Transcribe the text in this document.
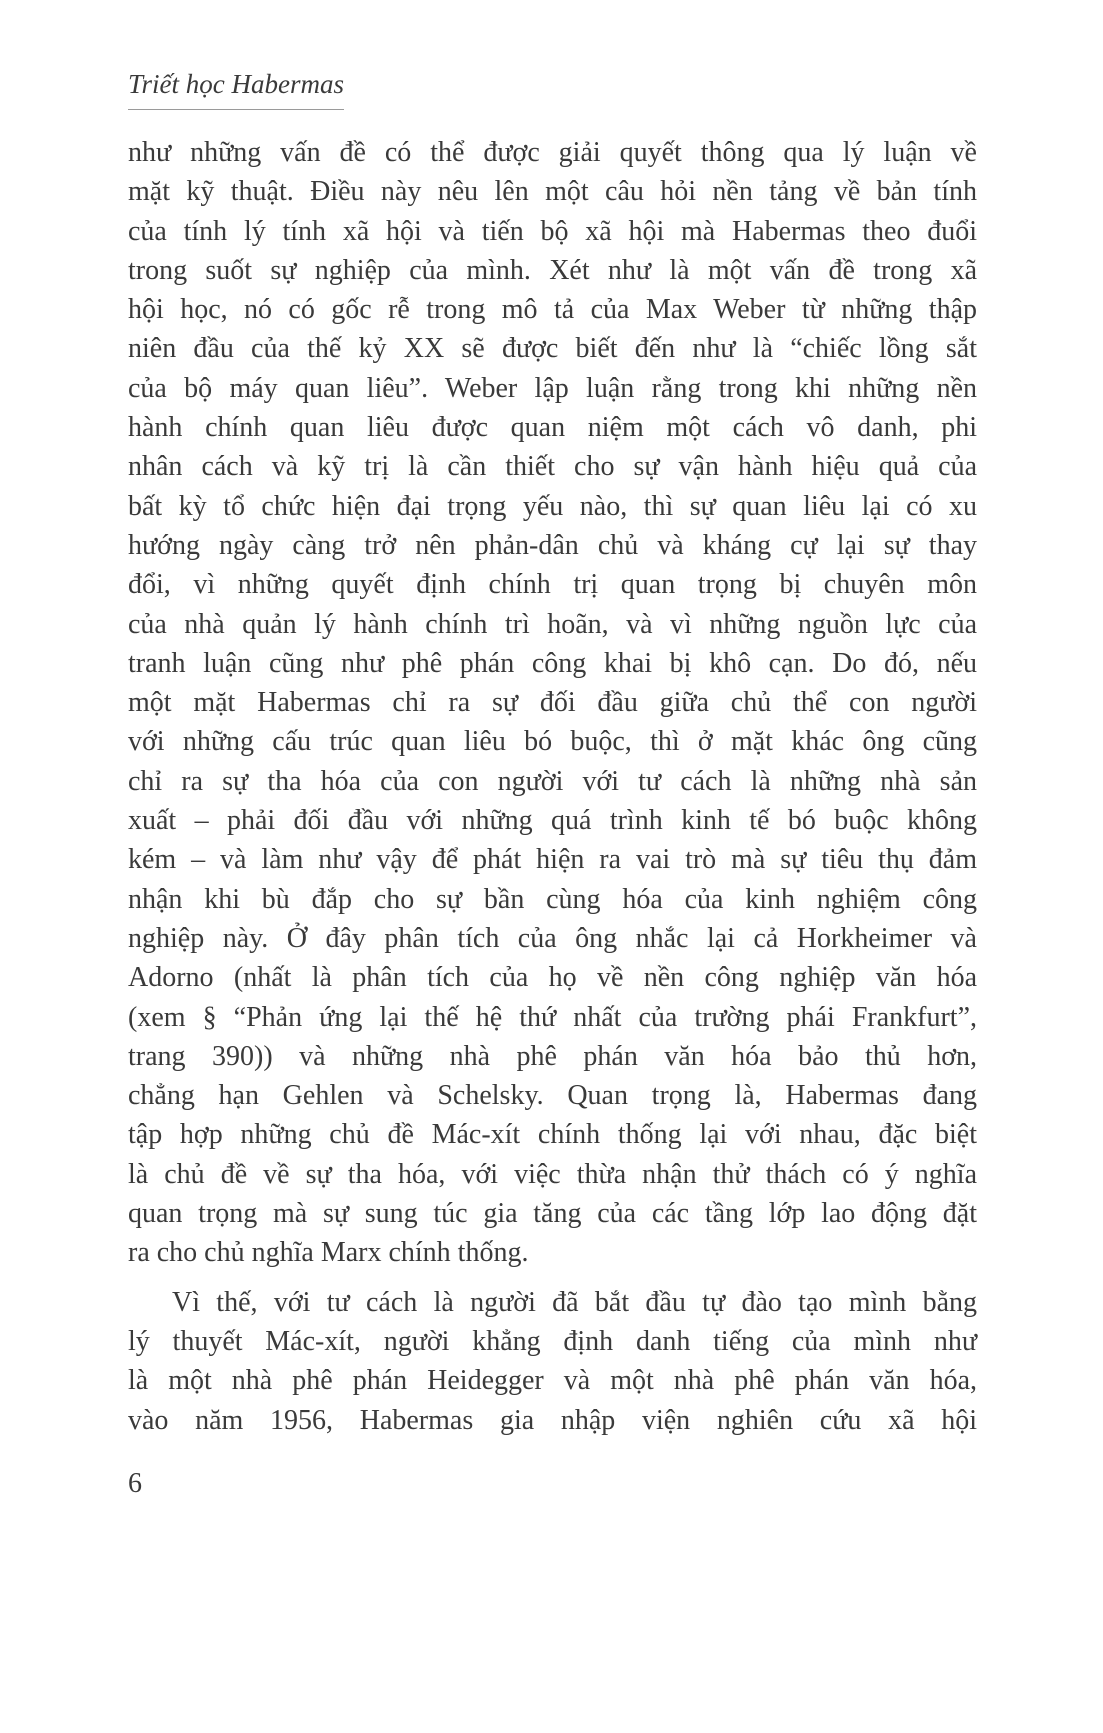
Triết học Habermas

như những vấn đề có thể được giải quyết thông qua lý luận về
mặt kỹ thuật. Điều này nêu lên một câu hỏi nền tảng về bản tính
của tính lý tính xã hội và tiến bộ xã hội mà Habermas theo đuổi
trong suốt sự nghiệp của mình. Xét như là một vấn đề trong xã
hội học, nó có gốc rễ trong mô tả của Max Weber từ những thập
niên đầu của thế kỷ XX sẽ được biết đến như là “chiếc lồng sắt
của bộ máy quan liêu”. Weber lập luận rằng trong khi những nền
hành chính quan liêu được quan niệm một cách vô danh, phi
nhân cách và kỹ trị là cần thiết cho sự vận hành hiệu quả của
bất kỳ tổ chức hiện đại trọng yếu nào, thì sự quan liêu lại có xu
hướng ngày càng trở nên phản-dân chủ và kháng cự lại sự thay
đổi, vì những quyết định chính trị quan trọng bị chuyên môn
của nhà quản lý hành chính trì hoãn, và vì những nguồn lực của
tranh luận cũng như phê phán công khai bị khô cạn. Do đó, nếu
một mặt Habermas chỉ ra sự đối đầu giữa chủ thể con người
với những cấu trúc quan liêu bó buộc, thì ở mặt khác ông cũng
chỉ ra sự tha hóa của con người với tư cách là những nhà sản
xuất – phải đối đầu với những quá trình kinh tế bó buộc không
kém – và làm như vậy để phát hiện ra vai trò mà sự tiêu thụ đảm
nhận khi bù đắp cho sự bần cùng hóa của kinh nghiệm công
nghiệp này. Ở đây phân tích của ông nhắc lại cả Horkheimer và
Adorno (nhất là phân tích của họ về nền công nghiệp văn hóa
(xem § “Phản ứng lại thế hệ thứ nhất của trường phái Frankfurt”,
trang 390)) và những nhà phê phán văn hóa bảo thủ hơn,
chẳng hạn Gehlen và Schelsky. Quan trọng là, Habermas đang
tập hợp những chủ đề Mác-xít chính thống lại với nhau, đặc biệt
là chủ đề về sự tha hóa, với việc thừa nhận thử thách có ý nghĩa
quan trọng mà sự sung túc gia tăng của các tầng lớp lao động đặt
ra cho chủ nghĩa Marx chính thống.

Vì thế, với tư cách là người đã bắt đầu tự đào tạo mình bằng
lý thuyết Mác-xít, người khẳng định danh tiếng của mình như
là một nhà phê phán Heidegger và một nhà phê phán văn hóa,
vào năm 1956, Habermas gia nhập viện nghiên cứu xã hội

6
